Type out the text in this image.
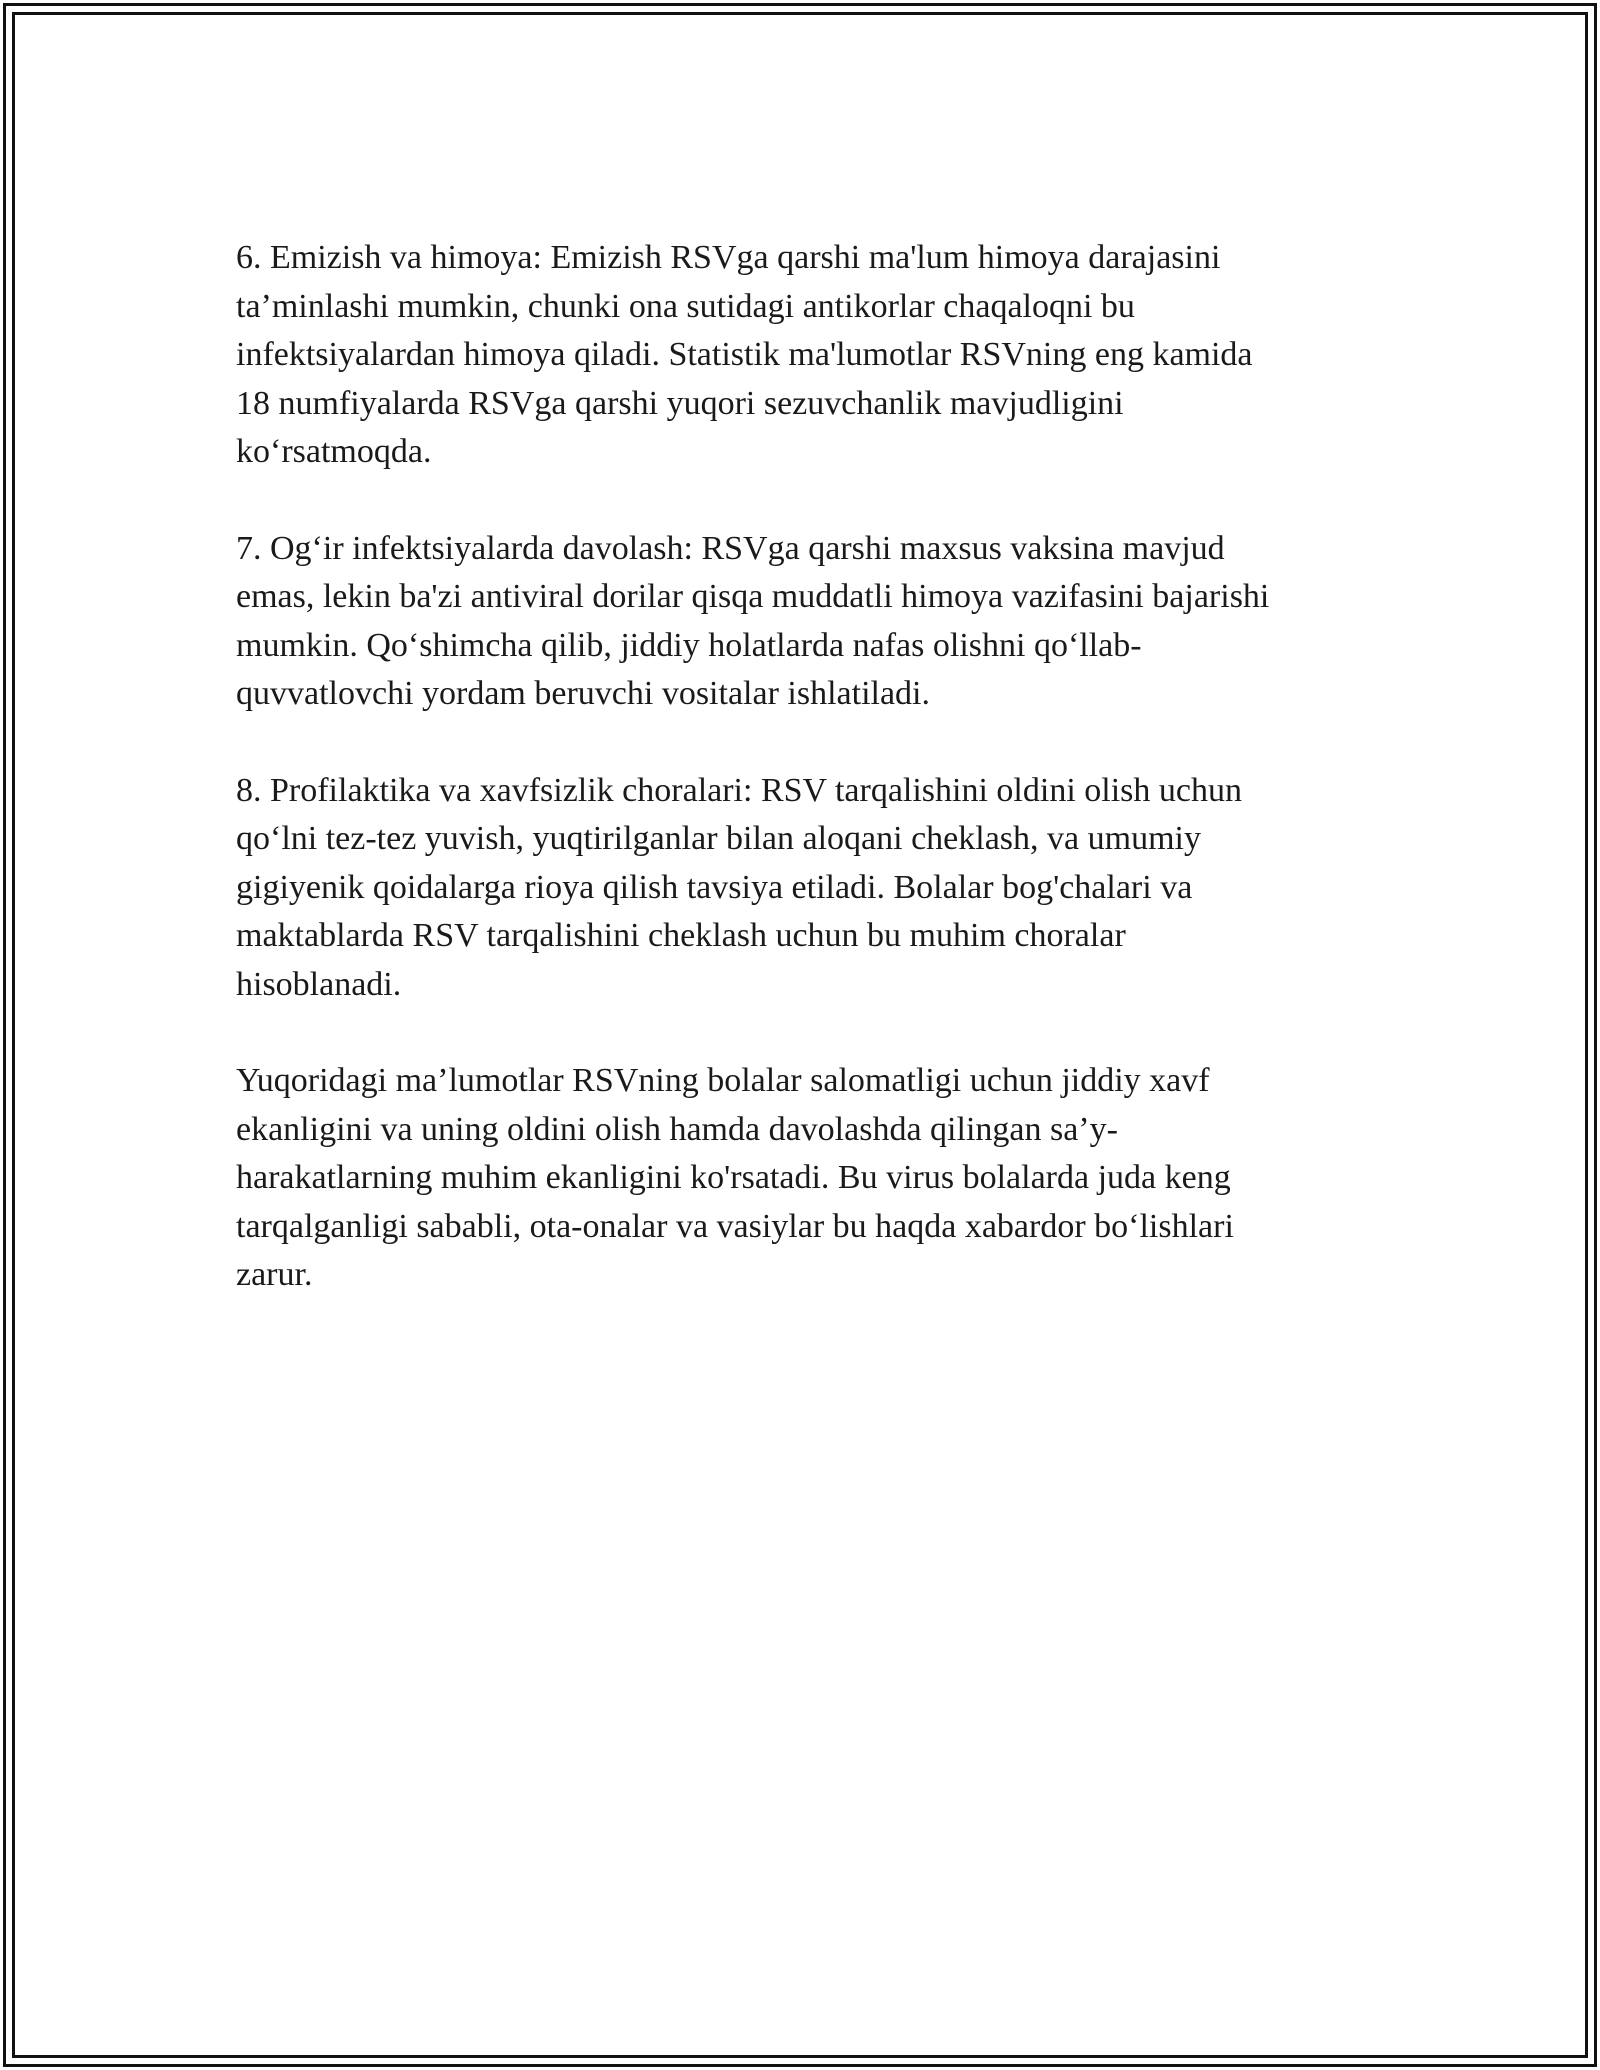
6. Emizish va himoya: Emizish RSVga qarshi ma'lum himoya darajasini
ta’minlashi mumkin, chunki ona sutidagi antikorlar chaqaloqni bu
infektsiyalardan himoya qiladi. Statistik ma'lumotlar RSVning eng kamida
18 numfiyalarda RSVga qarshi yuqori sezuvchanlik mavjudligini
ko‘rsatmoqda.

7. Og‘ir infektsiyalarda davolash: RSVga qarshi maxsus vaksina mavjud
emas, lekin ba'zi antiviral dorilar qisqa muddatli himoya vazifasini bajarishi
mumkin. Qo‘shimcha qilib, jiddiy holatlarda nafas olishni qo‘llab-
quvvatlovchi yordam beruvchi vositalar ishlatiladi.

8. Profilaktika va xavfsizlik choralari: RSV tarqalishini oldini olish uchun
qo‘lni tez-tez yuvish, yuqtirilganlar bilan aloqani cheklash, va umumiy
gigiyenik qoidalarga rioya qilish tavsiya etiladi. Bolalar bog'chalari va
maktablarda RSV tarqalishini cheklash uchun bu muhim choralar
hisoblanadi.

Yuqoridagi ma’lumotlar RSVning bolalar salomatligi uchun jiddiy xavf
ekanligini va uning oldini olish hamda davolashda qilingan sa’y-
harakatlarning muhim ekanligini ko'rsatadi. Bu virus bolalarda juda keng
tarqalganligi sababli, ota-onalar va vasiylar bu haqda xabardor bo‘lishlari
zarur.
